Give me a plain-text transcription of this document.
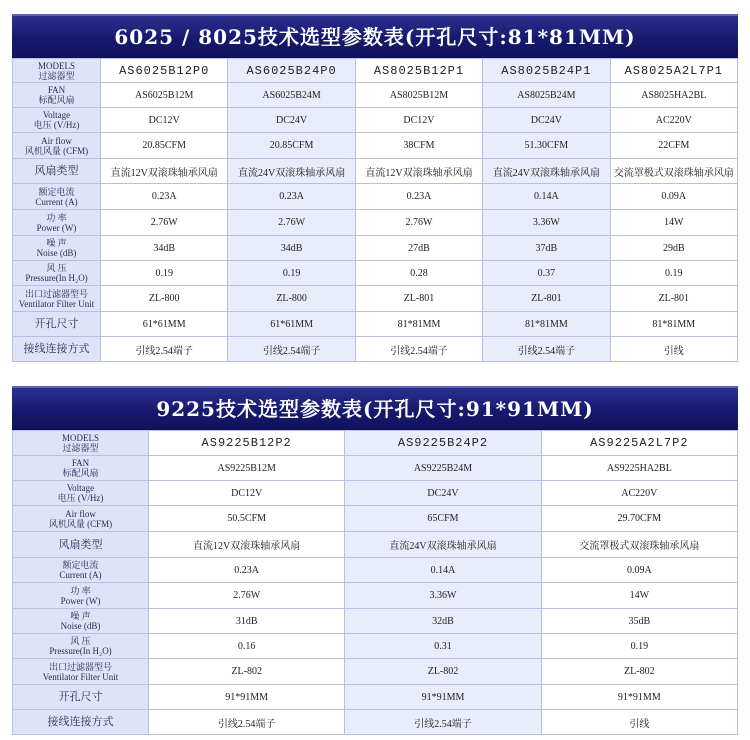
6025 / 8025技术选型参数表(开孔尺寸:81*81MM)
MODELS
过滤器型	AS6025B12P0	AS6025B24P0	AS8025B12P1	AS8025B24P1	AS8025A2L7P1

FAN
标配风扇	AS6025B12M	AS6025B24M	AS8025B12M	AS8025B24M	AS8025HA2BL

Voltage
电压 (V/Hz)	DC12V	DC24V	DC12V	DC24V	AC220V

Air flow
风机风量 (CFM)	20.85CFM	20.85CFM	38CFM	51.30CFM	22CFM

风扇类型	直流12V双滚珠轴承风扇	直流24V双滚珠轴承风扇	直流12V双滚珠轴承风扇	直流24V双滚珠轴承风扇	交流罩极式双滚珠轴承风扇

额定电流
Current (A)	0.23A	0.23A	0.23A	0.14A	0.09A

功 率
Power (W)	2.76W	2.76W	2.76W	3.36W	14W

噪 声
Noise (dB)	34dB	34dB	27dB	37dB	29dB

风 压
Pressure(In H₂O)	0.19	0.19	0.28	0.37	0.19

出口过滤器型号
Ventilator Filter Unit	ZL-800	ZL-800	ZL-801	ZL-801	ZL-801

开孔尺寸	61*61MM	61*61MM	81*81MM	81*81MM	81*81MM

接线连接方式	引线2.54端子	引线2.54端子	引线2.54端子	引线2.54端子	引线
9225技术选型参数表(开孔尺寸:91*91MM)
MODELS
过滤器型	AS9225B12P2	AS9225B24P2	AS9225A2L7P2

FAN
标配风扇	AS9225B12M	AS9225B24M	AS9225HA2BL

Voltage
电压 (V/Hz)	DC12V	DC24V	AC220V

Air flow
风机风量 (CFM)	50.5CFM	65CFM	29.70CFM

风扇类型	直流12V双滚珠轴承风扇	直流24V双滚珠轴承风扇	交流罩极式双滚珠轴承风扇

额定电流
Current (A)	0.23A	0.14A	0.09A

功 率
Power (W)	2.76W	3.36W	14W

噪 声
Noise (dB)	31dB	32dB	35dB

风 压
Pressure(In H₂O)	0.16	0.31	0.19

出口过滤器型号
Ventilator Filter Unit	ZL-802	ZL-802	ZL-802

开孔尺寸	91*91MM	91*91MM	91*91MM

接线连接方式	引线2.54端子	引线2.54端子	引线
